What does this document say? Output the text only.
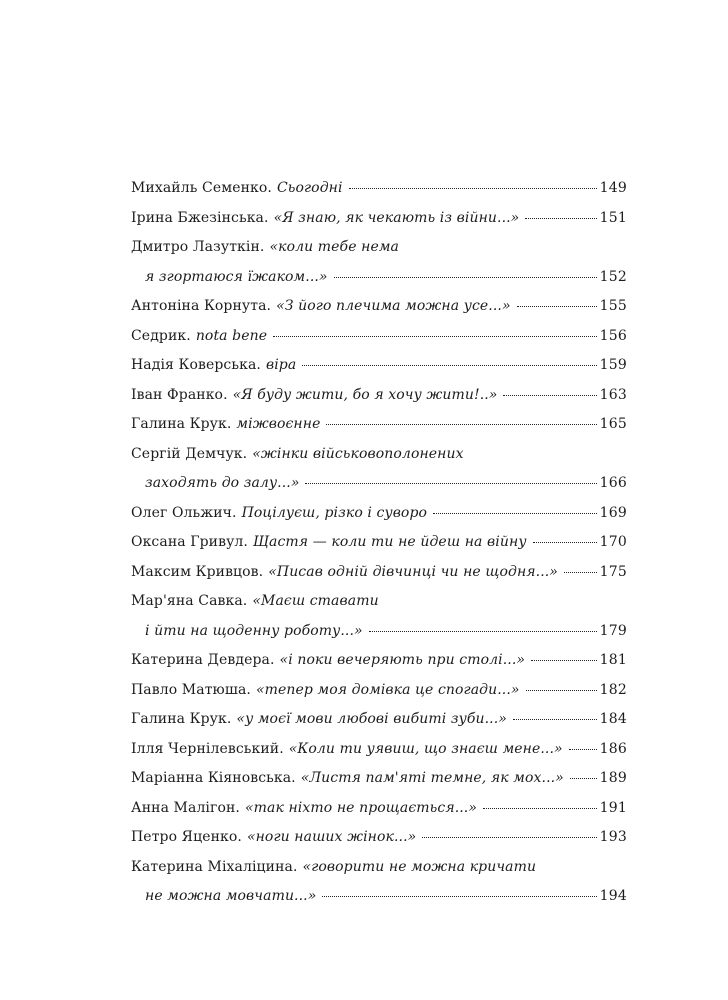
Михайль Семенко. Сьогодні	149
Ірина Бжезінська. «Я знаю, як чекають із війни...»	151
Дмитро Лазуткін. «коли тебе нема
я згортаюся їжаком...»	152
Антоніна Корнута. «З його плечима можна усе...»	155
Седрик. nota bene	156
Надія Коверська. віра	159
Іван Франко. «Я буду жити, бо я хочу жити!..»	163
Галина Крук. міжвоєнне	165
Сергій Демчук. «жінки військовополонених
заходять до залу...»	166
Олег Ольжич. Поцілуєш, різко і суворо	169
Оксана Гривул. Щастя — коли ти не йдеш на війну	170
Максим Кривцов. «Писав одній дівчинці чи не щодня...»	175
Мар'яна Савка. «Маєш ставати
і йти на щоденну роботу...»	179
Катерина Девдера. «і поки вечеряють при столі...»	181
Павло Матюша. «тепер моя домівка це спогади...»	182
Галина Крук. «у моєї мови любові вибиті зуби...»	184
Ілля Чернілевський. «Коли ти уявиш, що знаєш мене...»	186
Маріанна Кіяновська. «Листя пам'яті темне, як мох...»	189
Анна Малігон. «так ніхто не прощається...»	191
Петро Яценко. «ноги наших жінок...»	193
Катерина Міхаліцина. «говорити не можна кричати
не можна мовчати...»	194
